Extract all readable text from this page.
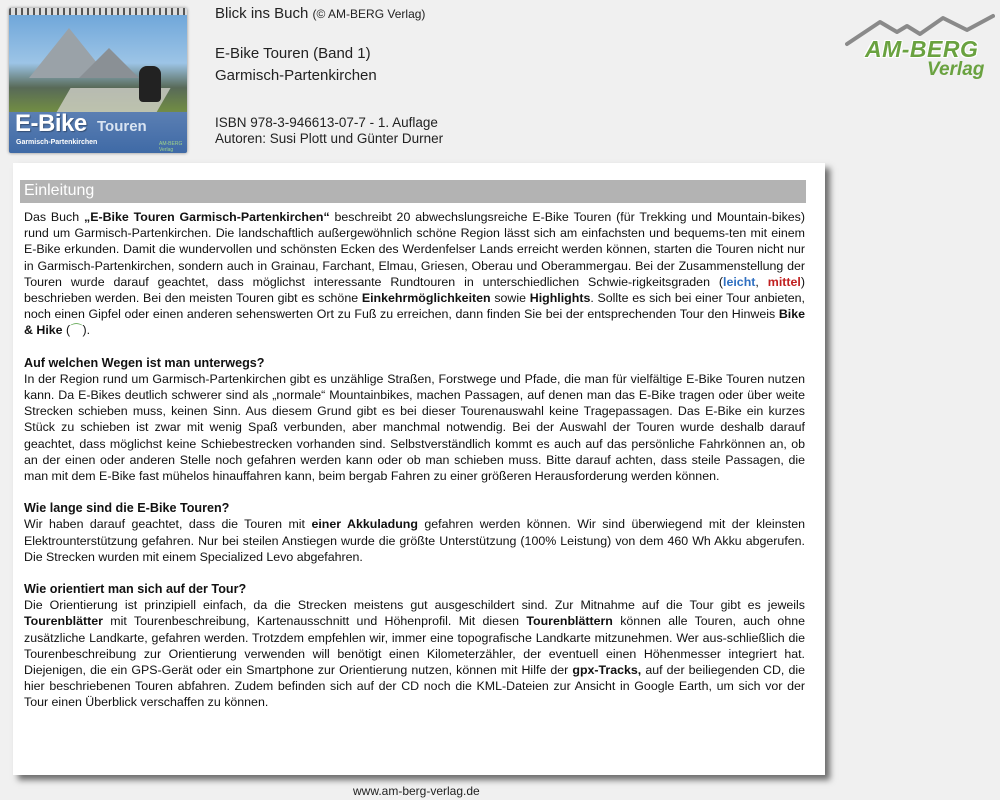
E-Bike Touren
Garmisch-Partenkirchen	AM-BERG Verlag
Blick ins Buch (© AM-BERG Verlag)
E-Bike Touren (Band 1)
Garmisch-Partenkirchen
ISBN 978-3-946613-07-7 - 1. Auflage
Autoren: Susi Plott und Günter Durner
AM-BERG
Verlag
Einleitung

Das Buch „E-Bike Touren Garmisch-Partenkirchen“ beschreibt 20 abwechslungsreiche E-Bike Touren (für Trekking und Mountain-bikes) rund um Garmisch-Partenkirchen. Die landschaftlich außergewöhnlich schöne Region lässt sich am einfachsten und bequems-ten mit einem E-Bike erkunden. Damit die wundervollen und schönsten Ecken des Werdenfelser Lands erreicht werden können, starten die Touren nicht nur in Garmisch-Partenkirchen, sondern auch in Grainau, Farchant, Elmau, Griesen, Oberau und Oberammergau. Bei der Zusammenstellung der Touren wurde darauf geachtet, dass möglichst interessante Rundtouren in unterschiedlichen Schwie-rigkeitsgraden (leicht, mittel) beschrieben werden. Bei den meisten Touren gibt es schöne Einkehrmöglichkeiten sowie Highlights. Sollte es sich bei einer Tour anbieten, noch einen Gipfel oder einen anderen sehenswerten Ort zu Fuß zu erreichen, dann finden Sie bei der entsprechenden Tour den Hinweis Bike & Hike (⌒).

Auf welchen Wegen ist man unterwegs?

In der Region rund um Garmisch-Partenkirchen gibt es unzählige Straßen, Forstwege und Pfade, die man für vielfältige E-Bike Touren nutzen kann. Da E-Bikes deutlich schwerer sind als „normale“ Mountainbikes, machen Passagen, auf denen man das E-Bike tragen oder über weite Strecken schieben muss, keinen Sinn. Aus diesem Grund gibt es bei dieser Tourenauswahl keine Tragepassagen. Das E-Bike ein kurzes Stück zu schieben ist zwar mit wenig Spaß verbunden, aber manchmal notwendig. Bei der Auswahl der Touren wurde deshalb darauf geachtet, dass möglichst keine Schiebestrecken vorhanden sind. Selbstverständlich kommt es auch auf das persönliche Fahrkönnen an, ob an der einen oder anderen Stelle noch gefahren werden kann oder ob man schieben muss. Bitte darauf achten, dass steile Passagen, die man mit dem E-Bike fast mühelos hinauffahren kann, beim bergab Fahren zu einer größeren Herausforderung werden können.

Wie lange sind die E-Bike Touren?

Wir haben darauf geachtet, dass die Touren mit einer Akkuladung gefahren werden können. Wir sind überwiegend mit der kleinsten Elektrounterstützung gefahren. Nur bei steilen Anstiegen wurde die größte Unterstützung (100% Leistung) von dem 460 Wh Akku abgerufen. Die Strecken wurden mit einem Specialized Levo abgefahren.

Wie orientiert man sich auf der Tour?

Die Orientierung ist prinzipiell einfach, da die Strecken meistens gut ausgeschildert sind. Zur Mitnahme auf die Tour gibt es jeweils Tourenblätter mit Tourenbeschreibung, Kartenausschnitt und Höhenprofil. Mit diesen Tourenblättern können alle Touren, auch ohne zusätzliche Landkarte, gefahren werden. Trotzdem empfehlen wir, immer eine topografische Landkarte mitzunehmen. Wer aus-schließlich die Tourenbeschreibung zur Orientierung verwenden will benötigt einen Kilometerzähler, der eventuell einen Höhenmesser integriert hat. Diejenigen, die ein GPS-Gerät oder ein Smartphone zur Orientierung nutzen, können mit Hilfe der gpx-Tracks, auf der beiliegenden CD, die hier beschriebenen Touren abfahren. Zudem befinden sich auf der CD noch die KML-Dateien zur Ansicht in Google Earth, um sich vor der Tour einen Überblick verschaffen zu können.

www.am-berg-verlag.de
